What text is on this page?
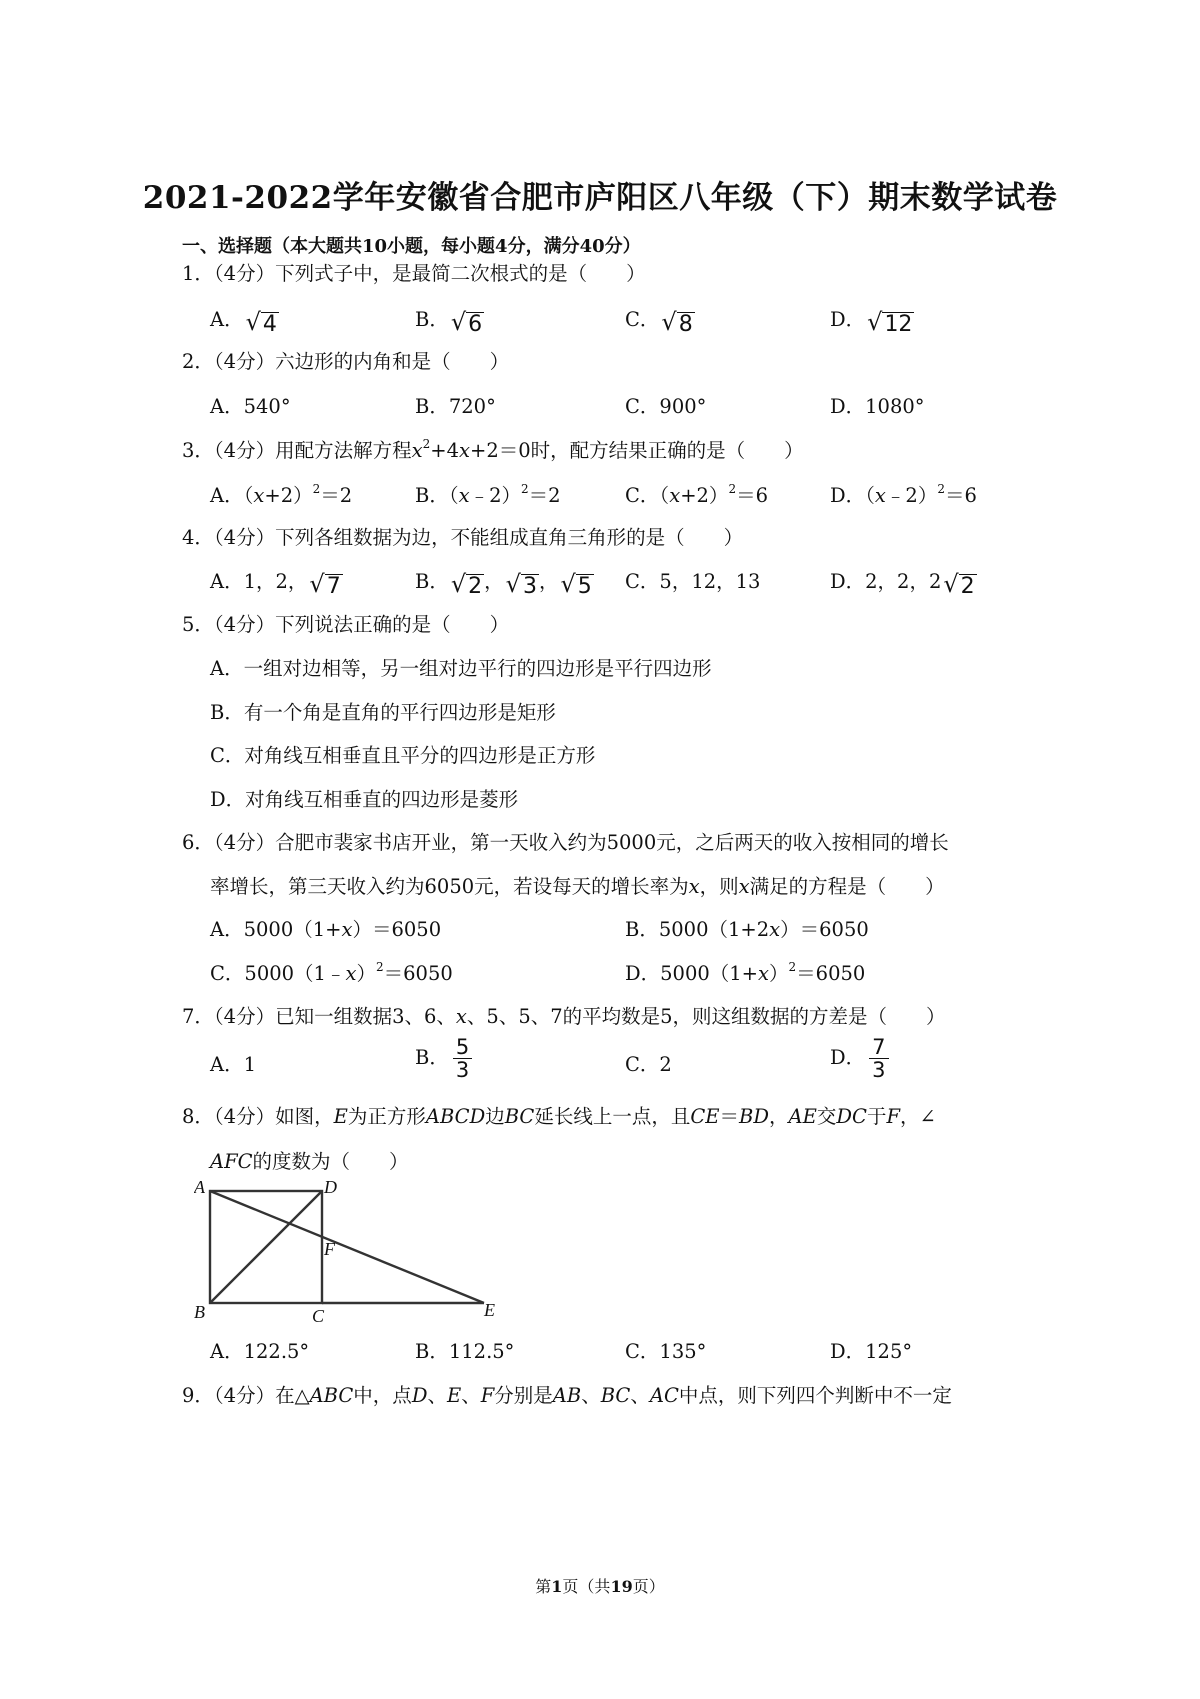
2021-2022学年安徽省合肥市庐阳区八年级（下）期末数学试卷
一、选择题（本大题共10小题，每小题4分，满分40分）
1．（4分）下列式子中，是最简二次根式的是（　　）
A． √ 4	B． √ 6	C． √ 8	D． √ 12
2．（4分）六边形的内角和是（　　）
A．540°	B．720°	C．900°	D．1080°
3．（4分）用配方法解方程$x^2+4x+2=0$时，配方结果正确的是（　　）
A．$(x+2)^2=2$	B．（x﹣2）$^2$＝2	C．$(x+2)^2=6$	D．（x﹣2）$^2$＝6
4．（4分）下列各组数据为边，不能组成直角三角形的是（　　）
A．1，2， √ 7	B． √ 2 ， √ 3 ， √ 5 C．5，12，13	D．2，2，2 √ 2
5．（4分）下列说法正确的是（　　）
A．一组对边相等，另一组对边平行的四边形是平行四边形
B．有一个角是直角的平行四边形是矩形
C．对角线互相垂直且平分的四边形是正方形
D．对角线互相垂直的四边形是菱形
6．（4分）合肥市裴家书店开业，第一天收入约为5000元，之后两天的收入按相同的增长
率增长，第三天收入约为6050元，若设每天的增长率为x，则x满足的方程是（　　）
A．5000（1+x）＝6050	B．5000（1+2x）＝6050
C．5000（1﹣x）$^2$＝6050	D．$5000(1+x)^2=6050$
7．（4分）已知一组数据3、6、x、5、5、7的平均数是5，则这组数据的方差是（　　）
A．1	B． $\frac{5}{3}$	C．2	D． $\frac{7}{3}$
8．（4分）如图，E为正方形ABCD边BC延长线上一点，且CE＝BD，AE交DC于F，∠
AFC的度数为（　　）
A	D
F
B	C	E
A．122.5°	B．112.5°	C．135°	D．125°
9．（4分）在△ABC中，点D、E、F分别是AB、BC、AC中点，则下列四个判断中不一定
第1页（共19页）
